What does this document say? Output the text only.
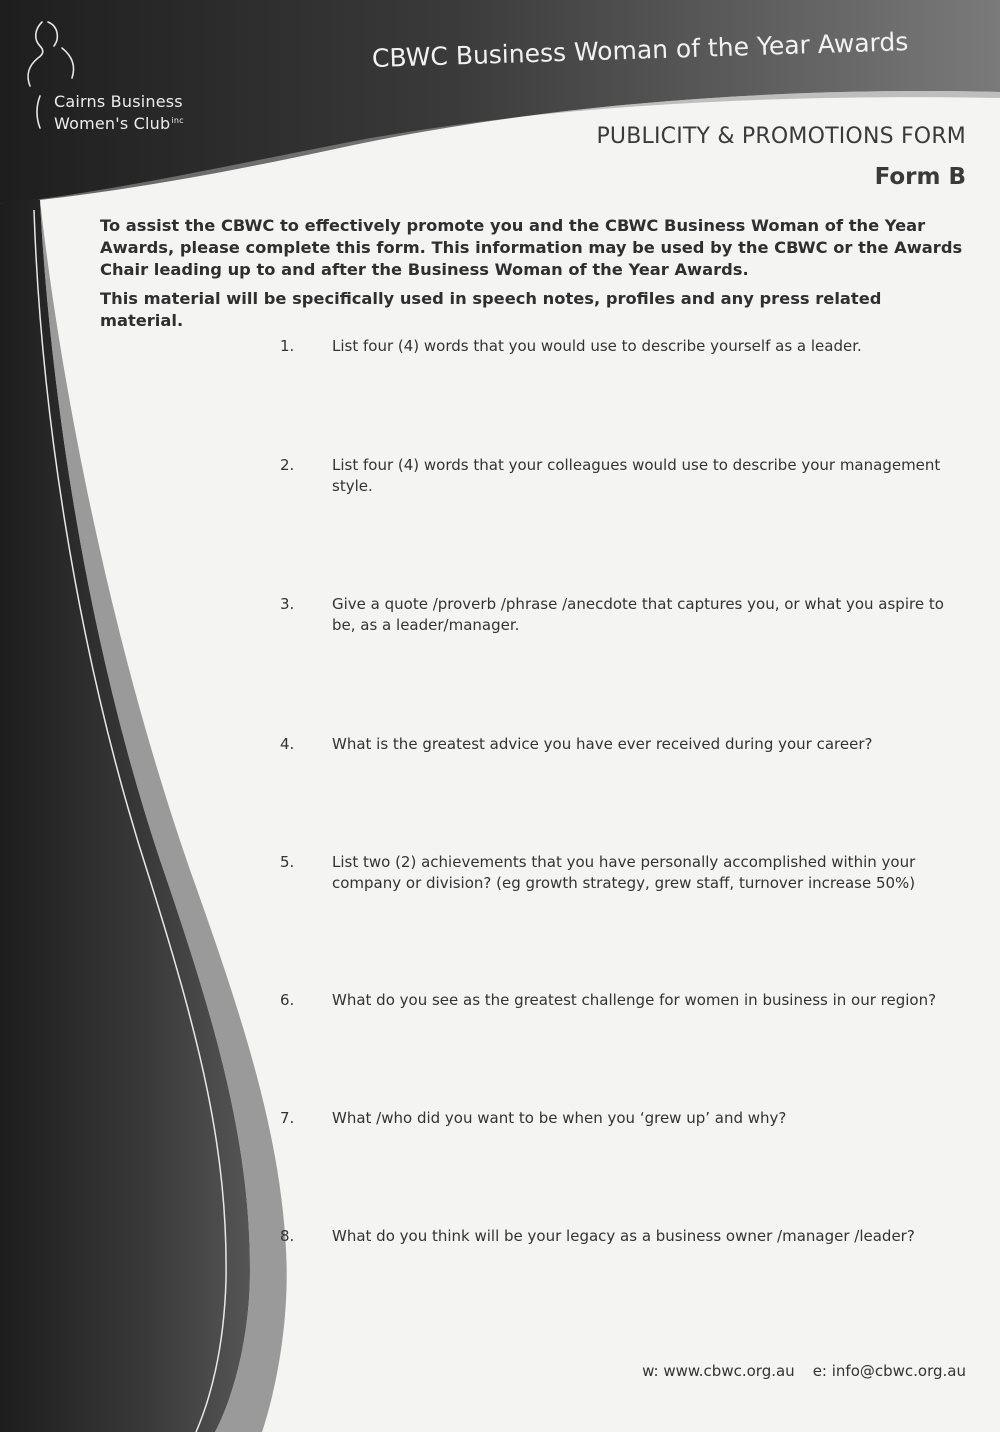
Cairns Business
Women's Club$^{inc}$
CBWC Business Woman of the Year Awards
PUBLICITY & PROMOTIONS FORM
Form B

To assist the CBWC to effectively promote you and the CBWC Business Woman of the Year Awards, please complete this form. This information may be used by the CBWC or the Awards Chair leading up to and after the Business Woman of the Year Awards.

This material will be specifically used in speech notes, profiles and any press related material.

1.	List four (4) words that you would use to describe yourself as a leader.
2.	List four (4) words that your colleagues would use to describe your management style.
3.	Give a quote /proverb /phrase /anecdote that captures you, or what you aspire to be, as a leader/manager.
4.	What is the greatest advice you have ever received during your career?
5.	List two (2) achievements that you have personally accomplished within your company or division? (eg growth strategy, grew staff, turnover increase 50%)
6.	What do you see as the greatest challenge for women in business in our region?
7.	What /who did you want to be when you ‘grew up’ and why?
8.	What do you think will be your legacy as a business owner /manager /leader?
w: www.cbwc.org.au e: info@cbwc.org.au
